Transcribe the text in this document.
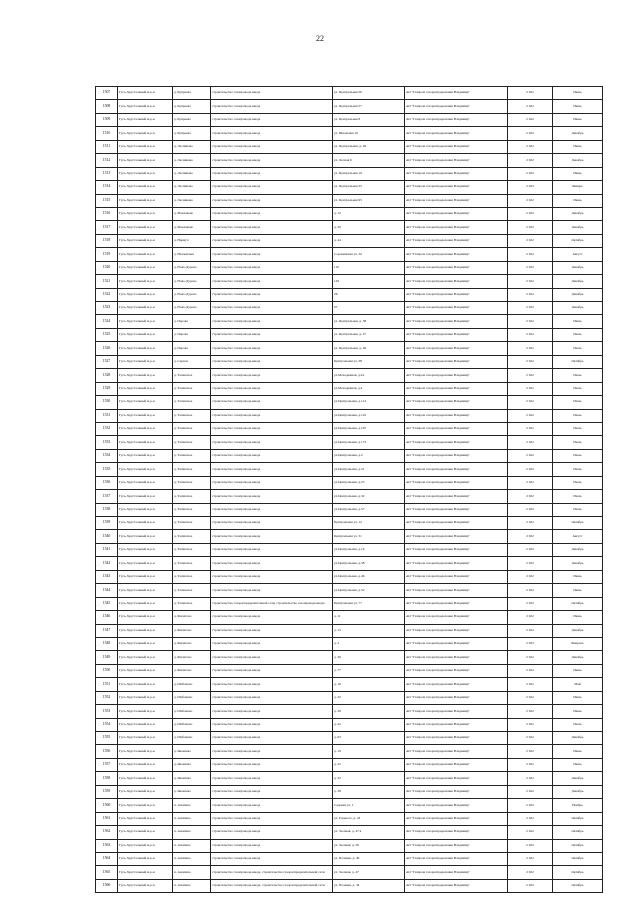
22
1507	Гусь-Хрустальный м.р-н	д. Купреево	строительство газопровода-ввода	ул. Центральная 56	АО "Газпром газораспределение Владимир"	2 022	Июнь
1508	Гусь-Хрустальный м.р-н	д. Купреево	строительство газопровода-ввода	ул. Центральная 57	АО "Газпром газораспределение Владимир"	2 022	Июнь
1509	Гусь-Хрустальный м.р-н	д. Купреево	строительство газопровода-ввода	ул. Центральная 8	АО "Газпром газораспределение Владимир"	2 022	Июнь
1510	Гусь-Хрустальный м.р-н	д. Купреево	строительство газопровода-ввода	ул. Школьная 16	АО "Газпром газораспределение Владимир"	2 022	Декабрь
1511	Гусь-Хрустальный м.р-н	д. Лесниково	строительство газопровода-ввода	ул. Центральная, д. 49	АО "Газпром газораспределение Владимир"	2 022	Июнь
1512	Гусь-Хрустальный м.р-н	д. Лесниково	строительство газопровода-ввода	ул. Лесная 6	АО "Газпром газораспределение Владимир"	2 022	Декабрь
1513	Гусь-Хрустальный м.р-н	д. Лесниково	строительство газопровода-ввода	ул. Центральная 19	АО "Газпром газораспределение Владимир"	2 022	Июнь
1514	Гусь-Хрустальный м.р-н	д. Лесниково	строительство газопровода-ввода	ул. Центральная 35	АО "Газпром газораспределение Владимир"	2 023	Январь
1515	Гусь-Хрустальный м.р-н	д. Лесниково	строительство газопровода-ввода	ул. Центральная 95	АО "Газпром газораспределение Владимир"	2 022	Июнь
1516	Гусь-Хрустальный м.р-н	д. Маклаково	строительство газопровода-ввода	д. 12	АО "Газпром газораспределение Владимир"	2 022	Декабрь
1517	Гусь-Хрустальный м.р-н	д. Маклаково	строительство газопровода-ввода	д. 30	АО "Газпром газораспределение Владимир"	2 022	Декабрь
1518	Гусь-Хрустальный м.р-н	д. Нармуч	строительство газопровода-ввода	д. 44	АО "Газпром газораспределение Владимир"	2 022	Октябрь
1519	Гусь-Хрустальный м.р-н	д. Нечаевская	строительство газопровода-ввода	Сорокинская ул, 32	АО "Газпром газораспределение Владимир"	2 022	Август
1520	Гусь-Хрустальный м.р-н	д. Ново-Дурово	строительство газопровода-ввода	110	АО "Газпром газораспределение Владимир"	2 022	Декабрь
1521	Гусь-Хрустальный м.р-н	д. Ново-Дурово	строительство газопровода-ввода	145	АО "Газпром газораспределение Владимир"	2 022	Декабрь
1522	Гусь-Хрустальный м.р-н	д. Ново-Дурово	строительство газопровода-ввода	26	АО "Газпром газораспределение Владимир"	2 022	Декабрь
1523	Гусь-Хрустальный м.р-н	д. Ново-Дурово	строительство газопровода-ввода	67	АО "Газпром газораспределение Владимир"	2 022	Декабрь
1524	Гусь-Хрустальный м.р-н	д. Перово	строительство газопровода-ввода	ул. Центральная, д. 38	АО "Газпром газораспределение Владимир"	2 022	Июнь
1525	Гусь-Хрустальный м.р-н	д. Перово	строительство газопровода-ввода	ул. Центральная, д. 27	АО "Газпром газораспределение Владимир"	2 022	Июль
1526	Гусь-Хрустальный м.р-н	д. Перово	строительство газопровода-ввода	ул. Центральная, д. 46	АО "Газпром газораспределение Владимир"	2 022	Июль
1527	Гусь-Хрустальный м.р-н	д. Сергеи	строительство газопровода-ввода	Центральная ул, 38	АО "Газпром газораспределение Владимир"	2 022	Октябрь
1528	Гусь-Хрустальный м.р-н	д. Тасинское	строительство газопровода-ввода	ул.Молодежная, д.24	АО "Газпром газораспределение Владимир"	2 022	Июль
1529	Гусь-Хрустальный м.р-н	д. Тасинское	строительство газопровода-ввода	ул.Молодежная, д.4	АО "Газпром газораспределение Владимир"	2 022	Июль
1530	Гусь-Хрустальный м.р-н	д. Тасинское	строительство газопровода-ввода	ул.Центральная, д.114	АО "Газпром газораспределение Владимир"	2 022	Июль
1531	Гусь-Хрустальный м.р-н	д. Тасинское	строительство газопровода-ввода	ул.Центральная, д.122	АО "Газпром газораспределение Владимир"	2 022	Июль
1532	Гусь-Хрустальный м.р-н	д. Тасинское	строительство газопровода-ввода	ул.Центральная, д.167	АО "Газпром газораспределение Владимир"	2 022	Июль
1533	Гусь-Хрустальный м.р-н	д. Тасинское	строительство газопровода-ввода	ул.Центральная, д.173	АО "Газпром газораспределение Владимир"	2 022	Июль
1534	Гусь-Хрустальный м.р-н	д. Тасинское	строительство газопровода-ввода	ул.Центральная, д.2	АО "Газпром газораспределение Владимир"	2 022	Июль
1535	Гусь-Хрустальный м.р-н	д. Тасинское	строительство газопровода-ввода	ул.Центральная, д.21	АО "Газпром газораспределение Владимир"	2 022	Июль
1536	Гусь-Хрустальный м.р-н	д. Тасинское	строительство газопровода-ввода	ул.Центральная, д.23	АО "Газпром газораспределение Владимир"	2 022	Июль
1537	Гусь-Хрустальный м.р-н	д. Тасинское	строительство газопровода-ввода	ул.Центральная, д.32	АО "Газпром газораспределение Владимир"	2 022	Июль
1538	Гусь-Хрустальный м.р-н	д. Тасинское	строительство газопровода-ввода	ул.Центральная, д.57	АО "Газпром газораспределение Владимир"	2 022	Июль
1539	Гусь-Хрустальный м.р-н	д. Тасинское	строительство газопровода-ввода	Центральная ул, 12	АО "Газпром газораспределение Владимир"	2 022	Октябрь
1540	Гусь-Хрустальный м.р-н	д. Тасинское	строительство газопровода-ввода	Центральная ул, 31	АО "Газпром газораспределение Владимир"	2 022	Август
1541	Гусь-Хрустальный м.р-н	д. Тасинское	строительство газопровода-ввода	ул.Центральная, д.16	АО "Газпром газораспределение Владимир"	2 022	Декабрь
1542	Гусь-Хрустальный м.р-н	д. Тасинское	строительство газопровода-ввода	ул.Центральная, д.38	АО "Газпром газораспределение Владимир"	2 022	Декабрь
1543	Гусь-Хрустальный м.р-н	д. Тасинское	строительство газопровода-ввода	ул.Центральная, д.46	АО "Газпром газораспределение Владимир"	2 022	Июнь
1544	Гусь-Хрустальный м.р-н	д. Тасинское	строительство газопровода-ввода	ул.Центральная, д.52	АО "Газпром газораспределение Владимир"	2 022	Июнь
1545	Гусь-Хрустальный м.р-н	д. Тасинское	строительство газораспределительной сети, строительство газопровода-ввода	Центральная ул, 77	АО "Газпром газораспределение Владимир"	2 022	Октябрь
1546	Гусь-Хрустальный м.р-н	д. Филатово	строительство газопровода-ввода	д. 11	АО "Газпром газораспределение Владимир"	2 022	Июнь
1547	Гусь-Хрустальный м.р-н	д. Филатово	строительство газопровода-ввода	д. 13	АО "Газпром газораспределение Владимир"	2 022	Декабрь
1548	Гусь-Хрустальный м.р-н	д. Филатово	строительство газопровода-ввода	д. 2	АО "Газпром газораспределение Владимир"	2 023	Февраль
1549	Гусь-Хрустальный м.р-н	д. Филатово	строительство газопровода-ввода	д. 36	АО "Газпром газораспределение Владимир"	2 022	Декабрь
1550	Гусь-Хрустальный м.р-н	д. Филатово	строительство газопровода-ввода	д. 77	АО "Газпром газораспределение Владимир"	2 022	Июнь
1551	Гусь-Хрустальный м.р-н	д. Шабаново	строительство газопровода-ввода	д. 16	АО "Газпром газораспределение Владимир"	2 022	Май
1552	Гусь-Хрустальный м.р-н	д. Шабаново	строительство газопровода-ввода	д. 32	АО "Газпром газораспределение Владимир"	2 022	Июнь
1553	Гусь-Хрустальный м.р-н	д. Шабаново	строительство газопровода-ввода	д. 36	АО "Газпром газораспределение Владимир"	2 022	Июнь
1554	Гусь-Хрустальный м.р-н	д. Шабаново	строительство газопровода-ввода	д. 42	АО "Газпром газораспределение Владимир"	2 022	Июль
1555	Гусь-Хрустальный м.р-н	д. Шабаново	строительство газопровода-ввода	д. 63	АО "Газпром газораспределение Владимир"	2 022	Декабрь
1556	Гусь-Хрустальный м.р-н	д. Яковлево	строительство газопровода-ввода	д. 19	АО "Газпром газораспределение Владимир"	2 022	Июнь
1557	Гусь-Хрустальный м.р-н	д. Яковлево	строительство газопровода-ввода	д. 22	АО "Газпром газораспределение Владимир"	2 022	Июнь
1558	Гусь-Хрустальный м.р-н	д. Яковлево	строительство газопровода-ввода	д. 32	АО "Газпром газораспределение Владимир"	2 022	Декабрь
1559	Гусь-Хрустальный м.р-н	д. Яковлево	строительство газопровода-ввода	д. 38	АО "Газпром газораспределение Владимир"	2 022	Декабрь
1560	Гусь-Хрустальный м.р-н	п. Анопино	строительство газопровода-ввода	Садовая ул, 1	АО "Газпром газораспределение Владимир"	2 022	Ноябрь
1561	Гусь-Хрустальный м.р-н	п. Анопино	строительство газопровода-ввода	ул. Горького, д. 43	АО "Газпром газораспределение Владимир"	2 022	Октябрь
1562	Гусь-Хрустальный м.р-н	п. Анопино	строительство газопровода-ввода	ул. Заочная, д. 47 в	АО "Газпром газораспределение Владимир"	2 022	Октябрь
1563	Гусь-Хрустальный м.р-н	п. Анопино	строительство газопровода-ввода	ул. Заочная, д. 56	АО "Газпром газораспределение Владимир"	2 022	Октябрь
1564	Гусь-Хрустальный м.р-н	п. Анопино	строительство газопровода-ввода	ул. Полевая, д. 40	АО "Газпром газораспределение Владимир"	2 022	Октябрь
1565	Гусь-Хрустальный м.р-н	п. Анопино	строительство газопровода-ввода, строительство газораспределительной сети	ул. Заочная, д. 47	АО "Газпром газораспределение Владимир"	2 022	Октябрь
1566	Гусь-Хрустальный м.р-н	п. Анопино	строительство газопровода-ввода, строительство газораспределительной сети	ул. Полевая, д. 34	АО "Газпром газораспределение Владимир"	2 022	Октябрь
